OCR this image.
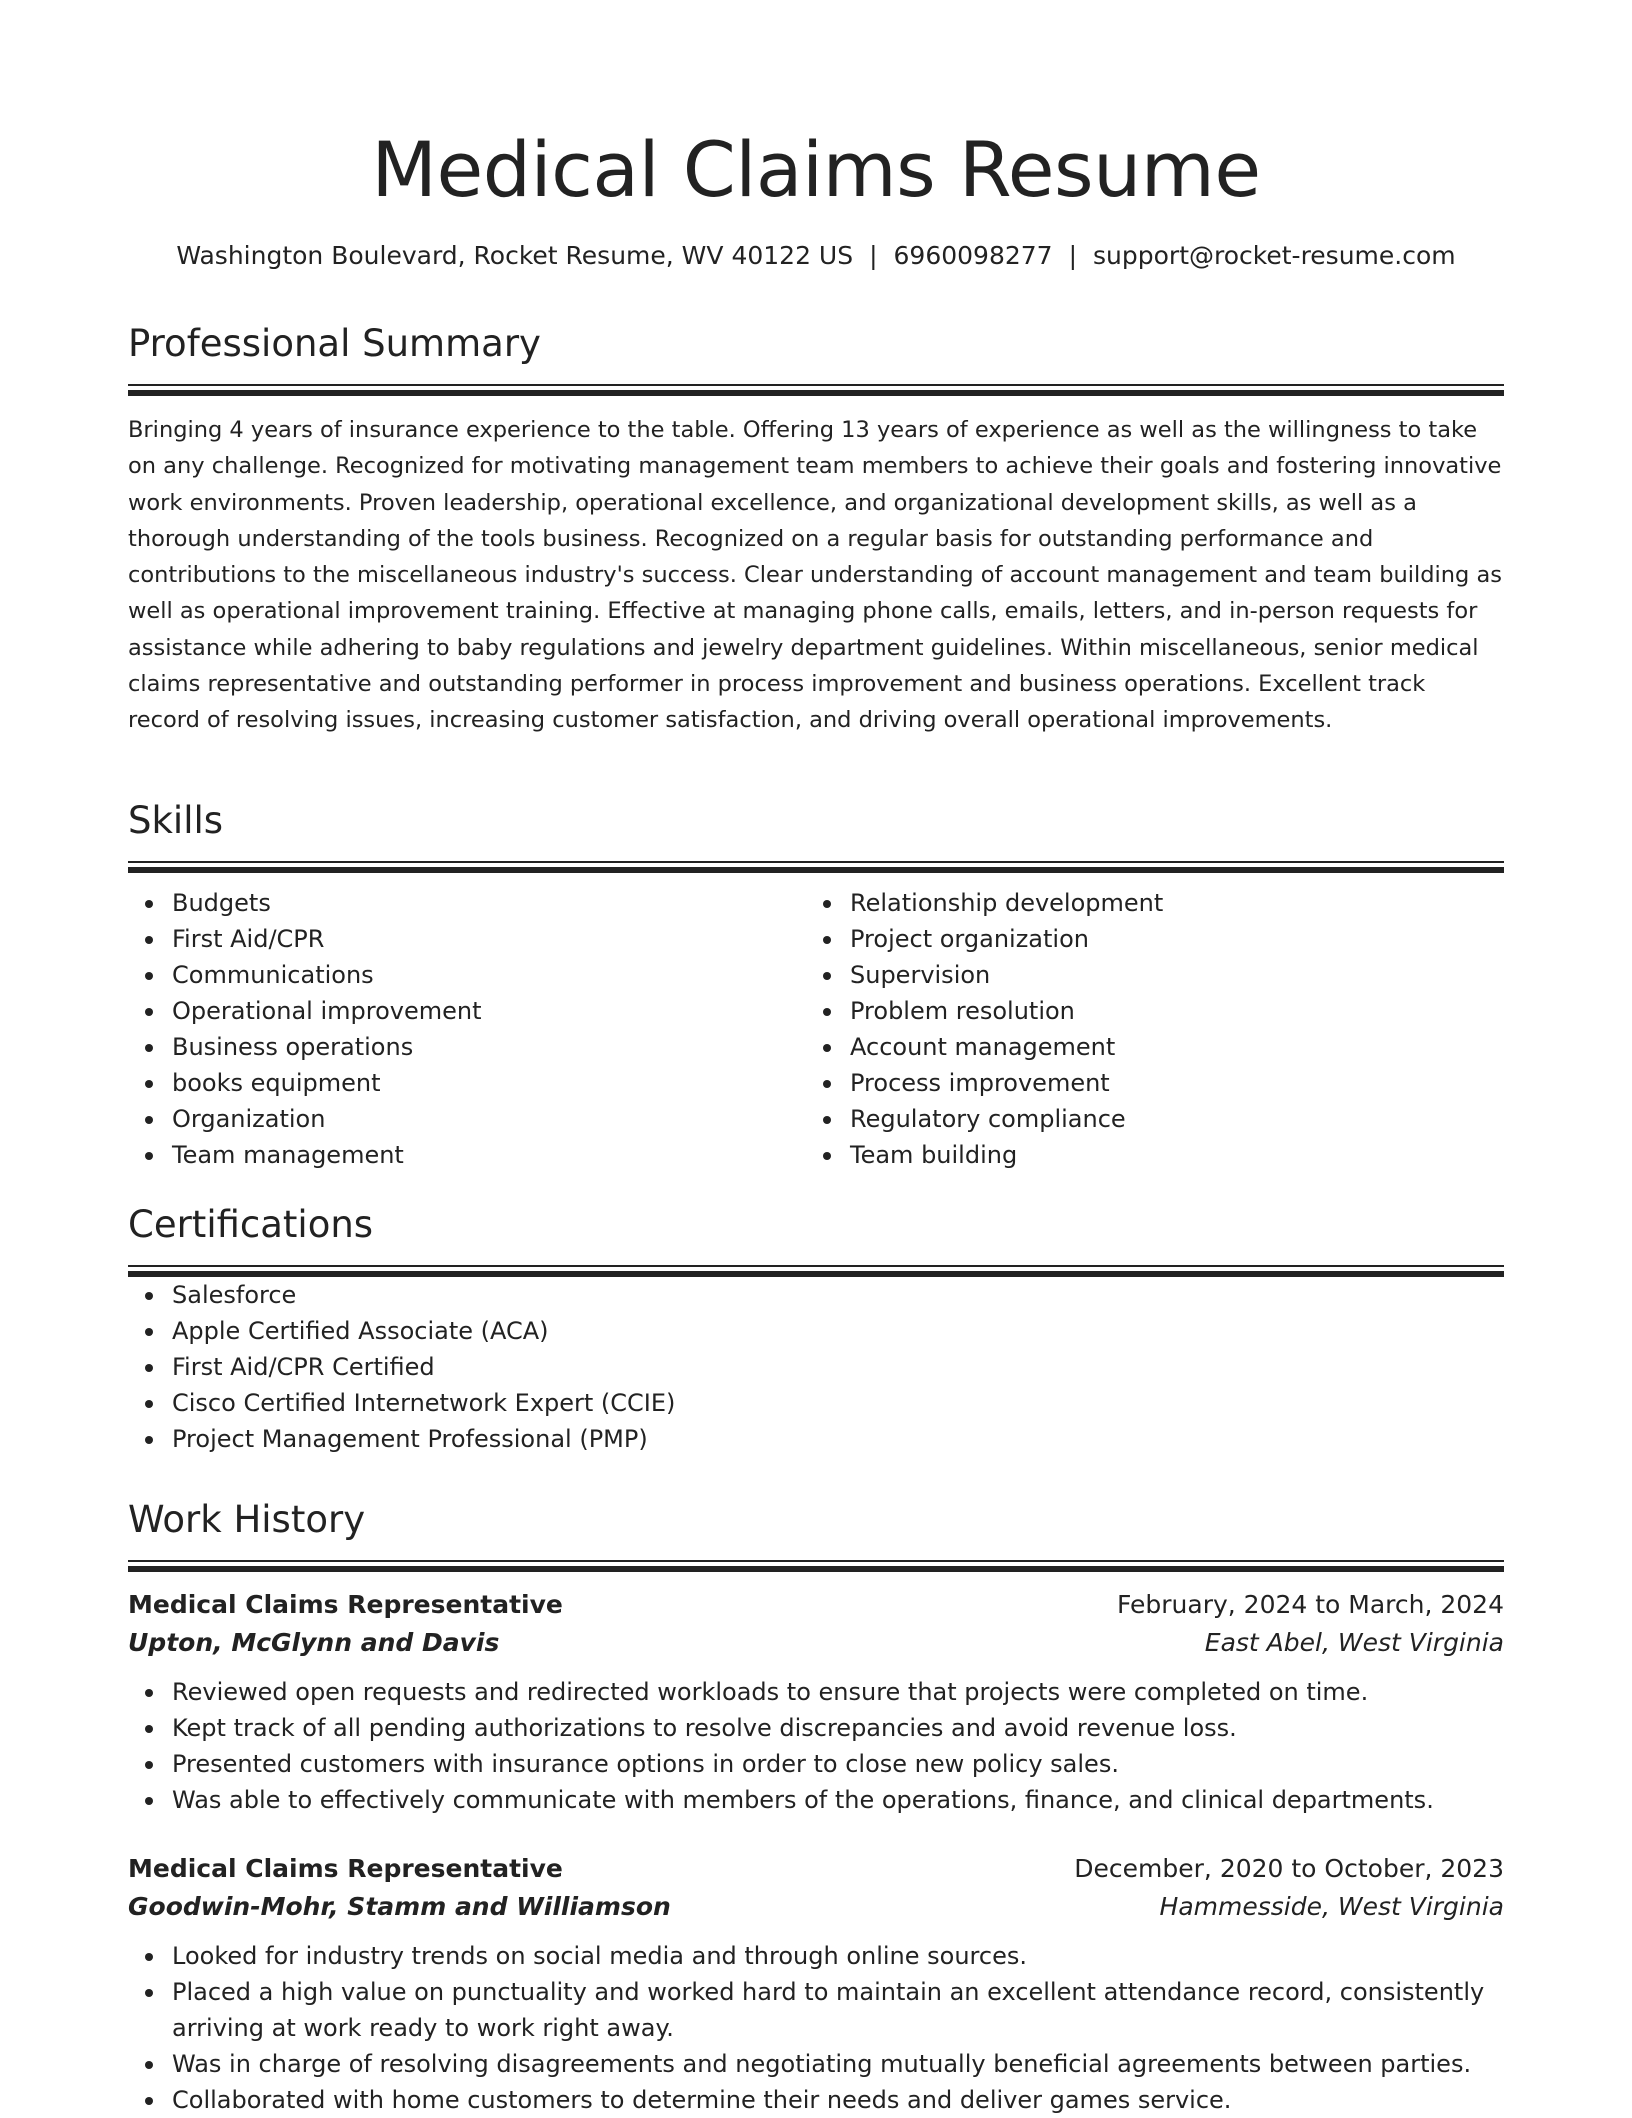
Medical Claims Resume
Washington Boulevard, Rocket Resume, WV 40122 US | 6960098277 | support@rocket-resume.com
Professional Summary

Bringing 4 years of insurance experience to the table. Offering 13 years of experience as well as the willingness to take on any challenge. Recognized for motivating management team members to achieve their goals and fostering innovative work environments. Proven leadership, operational excellence, and organizational development skills, as well as a thorough understanding of the tools business. Recognized on a regular basis for outstanding performance and contributions to the miscellaneous industry's success. Clear understanding of account management and team building as well as operational improvement training. Effective at managing phone calls, emails, letters, and in-person requests for assistance while adhering to baby regulations and jewelry department guidelines. Within miscellaneous, senior medical claims representative and outstanding performer in process improvement and business operations. Excellent track record of resolving issues, increasing customer satisfaction, and driving overall operational improvements.

Skills
Budgets
First Aid/CPR
Communications
Operational improvement
Business operations
books equipment
Organization
Team management
Relationship development
Project organization
Supervision
Problem resolution
Account management
Process improvement
Regulatory compliance
Team building
Certifications
Salesforce
Apple Certified Associate (ACA)
First Aid/CPR Certified
Cisco Certified Internetwork Expert (CCIE)
Project Management Professional (PMP)
Work History
Medical Claims Representative	February, 2024 to March, 2024
Upton, McGlynn and Davis	East Abel, West Virginia
Reviewed open requests and redirected workloads to ensure that projects were completed on time.
Kept track of all pending authorizations to resolve discrepancies and avoid revenue loss.
Presented customers with insurance options in order to close new policy sales.
Was able to effectively communicate with members of the operations, finance, and clinical departments.
Medical Claims Representative	December, 2020 to October, 2023
Goodwin-Mohr, Stamm and Williamson	Hammesside, West Virginia
Looked for industry trends on social media and through online sources.
Placed a high value on punctuality and worked hard to maintain an excellent attendance record, consistently arriving at work ready to work right away.
Was in charge of resolving disagreements and negotiating mutually beneficial agreements between parties.
Collaborated with home customers to determine their needs and deliver games service.
